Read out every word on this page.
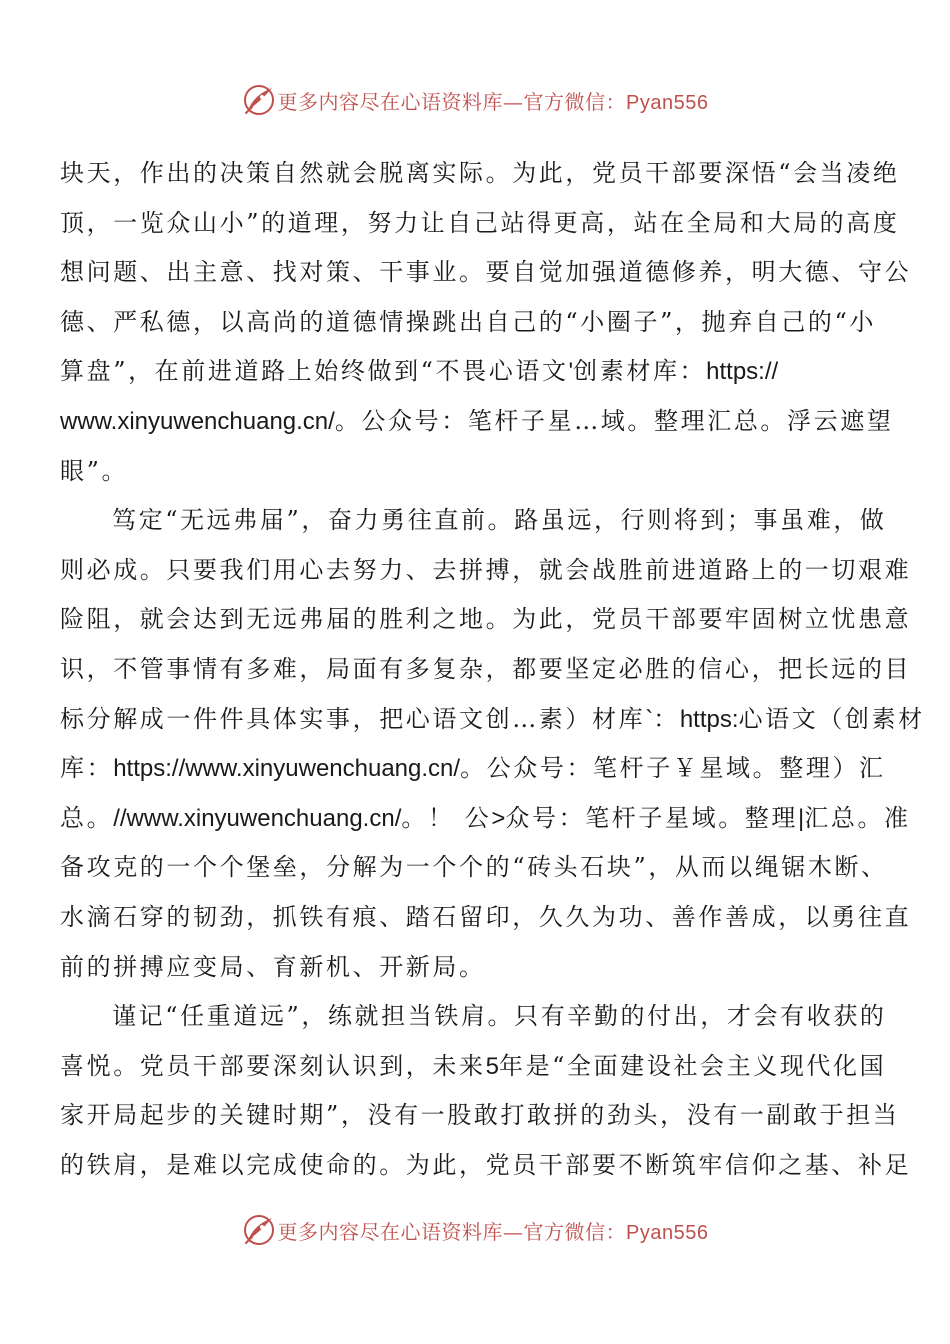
更多内容尽在心语资料库—官方微信：Pyan556
块天，作出的决策自然就会脱离实际。为此，党员干部要深悟“会当凌绝
顶，一览众山小”的道理，努力让自己站得更高，站在全局和大局的高度
想问题、出主意、找对策、干事业。要自觉加强道德修养，明大德、守公
德、严私德，以高尚的道德情操跳出自己的“小圈子”，抛弃自己的“小
算盘”，在前进道路上始终做到“不畏心语文'创素材库：https://
www.xinyuwenchuang.cn/。公众号：笔杆子星…域。整理汇总。浮云遮望
眼”。
笃定“无远弗届”，奋力勇往直前。路虽远，行则将到；事虽难，做
则必成。只要我们用心去努力、去拼搏，就会战胜前进道路上的一切艰难
险阻，就会达到无远弗届的胜利之地。为此，党员干部要牢固树立忧患意
识，不管事情有多难，局面有多复杂，都要坚定必胜的信心，把长远的目
标分解成一件件具体实事，把心语文创…素）材库`：https:心语文（创素材
库：https://www.xinyuwenchuang.cn/。公众号：笔杆子￥星域。整理）汇
总。//www.xinyuwenchuang.cn/。！ 公>众号：笔杆子星域。整理|汇总。准
备攻克的一个个堡垒，分解为一个个的“砖头石块”，从而以绳锯木断、
水滴石穿的韧劲，抓铁有痕、踏石留印，久久为功、善作善成，以勇往直
前的拼搏应变局、育新机、开新局。
谨记“任重道远”，练就担当铁肩。只有辛勤的付出，才会有收获的
喜悦。党员干部要深刻认识到，未来5年是“全面建设社会主义现代化国
家开局起步的关键时期”，没有一股敢打敢拼的劲头，没有一副敢于担当
的铁肩，是难以完成使命的。为此，党员干部要不断筑牢信仰之基、补足
更多内容尽在心语资料库—官方微信：Pyan556
